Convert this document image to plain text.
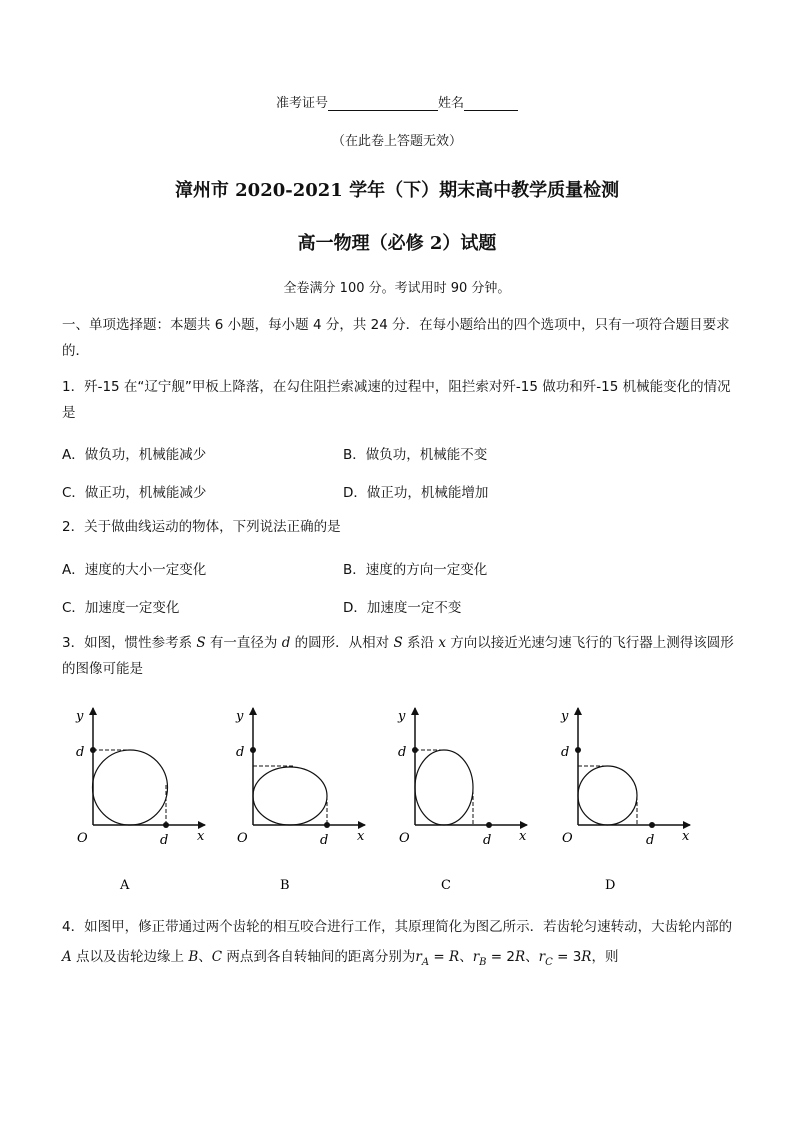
准考证号	姓名
（在此卷上答题无效）
漳州市 2020-2021 学年（下）期末高中教学质量检测
高一物理（必修 2）试题
全卷满分 100 分。考试用时 90 分钟。
一、单项选择题：本题共 6 小题，每小题 4 分，共 24 分．在每小题给出的四个选项中，只有一项符合题目要求的．
1．歼-15 在“辽宁舰”甲板上降落，在勾住阻拦索减速的过程中，阻拦索对歼-15 做功和歼-15 机械能变化的情况是
A．做负功，机械能减少	B．做负功，机械能不变
C．做正功，机械能减少	D．做正功，机械能增加
2．关于做曲线运动的物体，下列说法正确的是
A．速度的大小一定变化	B．速度的方向一定变化
C．加速度一定变化	D．加速度一定不变
3．如图，惯性参考系 S 有一直径为 d 的圆形．从相对 S 系沿 x 方向以接近光速匀速飞行的飞行器上测得该圆形的图像可能是
y
d
O	d x
A
y
d
O	d x
B
y
d
O	d x
C
y
d
O	d x
D
4．如图甲，修正带通过两个齿轮的相互咬合进行工作，其原理简化为图乙所示．若齿轮匀速转动，大齿轮内部的 A 点以及齿轮边缘上 B、C 两点到各自转轴间的距离分别为$r_A = R$、$r_B = 2R$、$r_C = 3R$，则
